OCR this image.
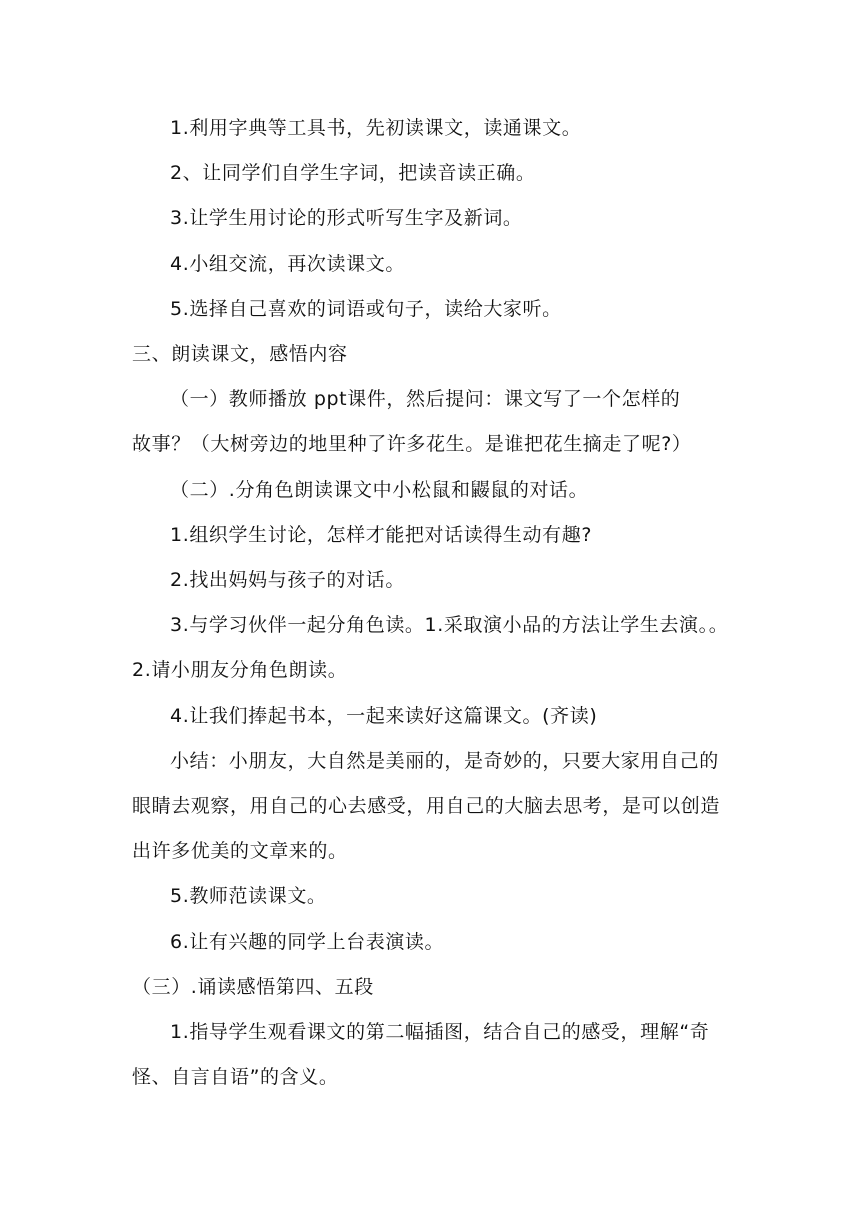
1.利用字典等工具书，先初读课文，读通课文。
2、让同学们自学生字词，把读音读正确。
3.让学生用讨论的形式听写生字及新词。
4.小组交流，再次读课文。
5.选择自己喜欢的词语或句子，读给大家听。
三、朗读课文，感悟内容
（一）教师播放 ppt课件，然后提问：课文写了一个怎样的
故事？（大树旁边的地里种了许多花生。是谁把花生摘走了呢?）
（二）.分角色朗读课文中小松鼠和鼹鼠的对话。
1.组织学生讨论，怎样才能把对话读得生动有趣?
2.找出妈妈与孩子的对话。
3.与学习伙伴一起分角色读。1.采取演小品的方法让学生去演。。
2.请小朋友分角色朗读。
4.让我们捧起书本，一起来读好这篇课文。(齐读)
小结：小朋友，大自然是美丽的，是奇妙的，只要大家用自己的
眼睛去观察，用自己的心去感受，用自己的大脑去思考，是可以创造
出许多优美的文章来的。
5.教师范读课文。
6.让有兴趣的同学上台表演读。
（三）.诵读感悟第四、五段
1.指导学生观看课文的第二幅插图，结合自己的感受，理解“奇
怪、自言自语”的含义。
